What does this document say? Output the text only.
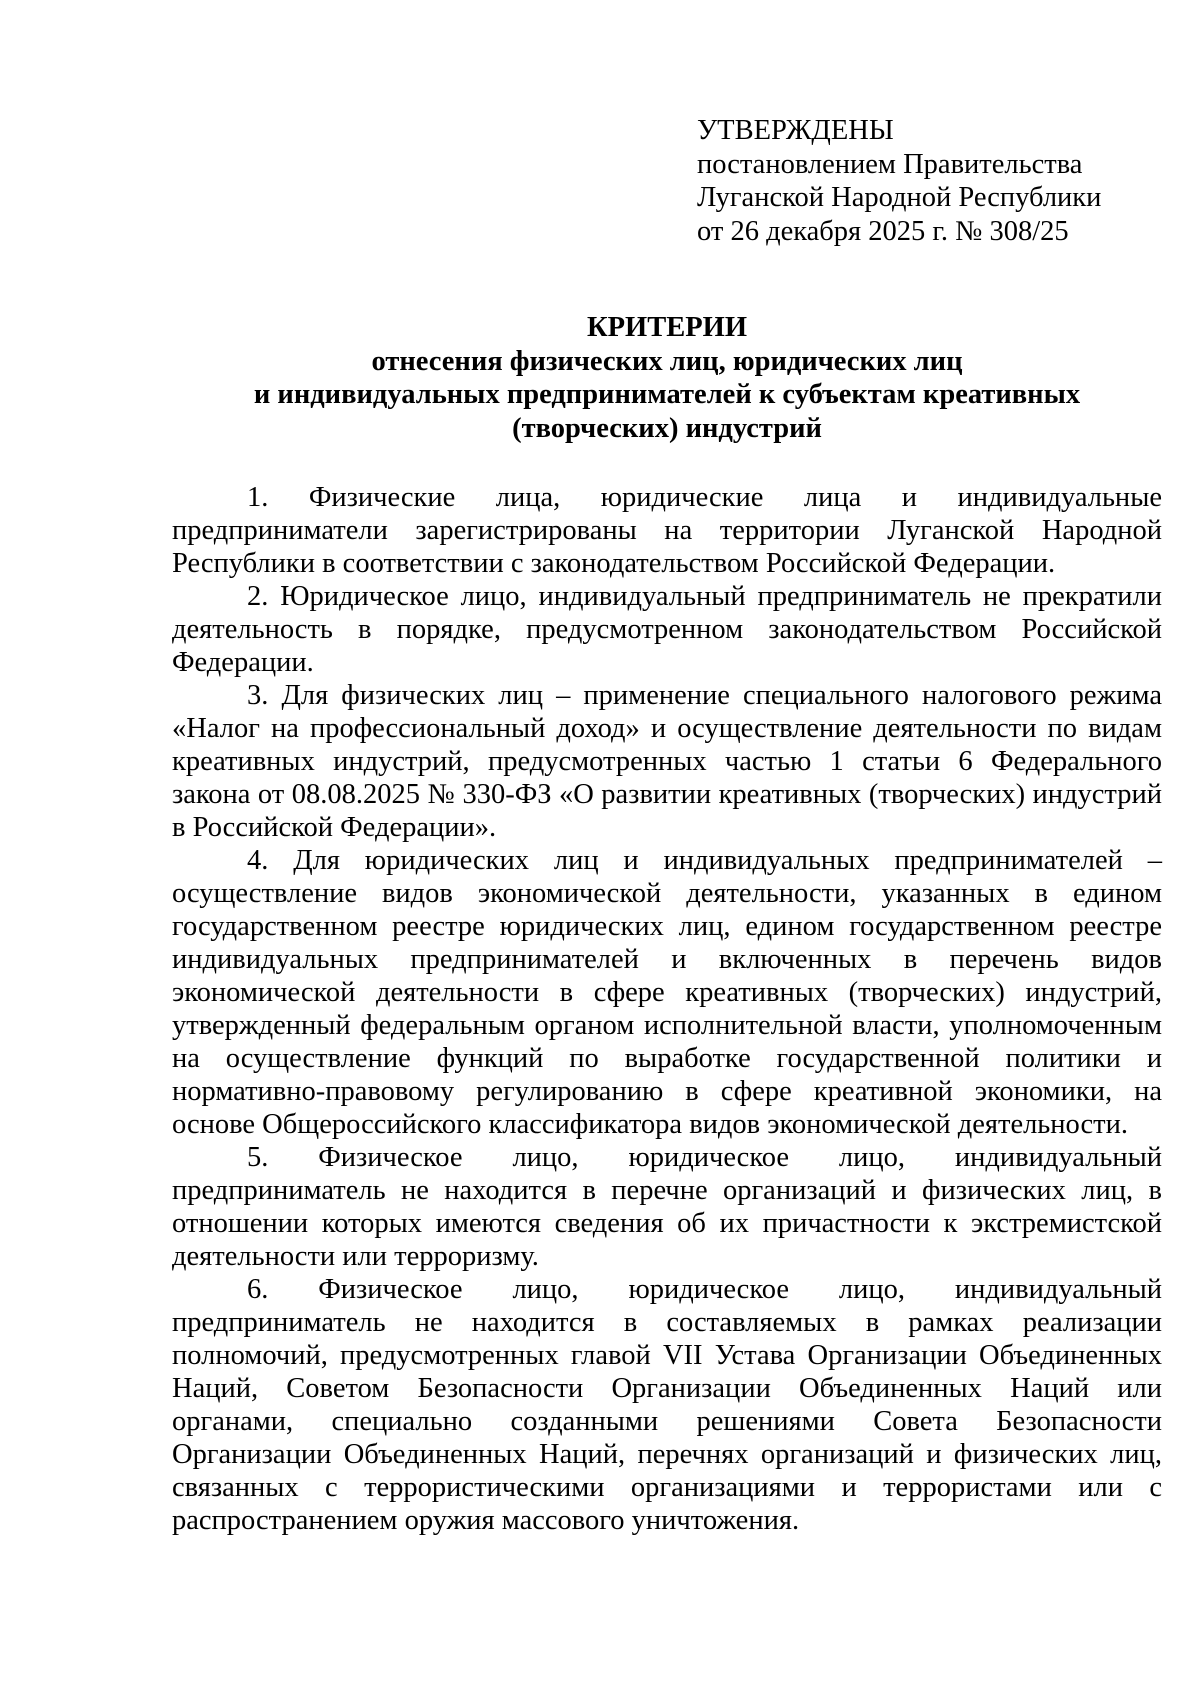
УТВЕРЖДЕНЫ
постановлением Правительства
Луганской Народной Республики
от 26 декабря 2025 г. № 308/25
КРИТЕРИИ
отнесения физических лиц, юридических лиц
и индивидуальных предпринимателей к субъектам креативных
(творческих) индустрий

1. Физические лица, юридические лица и индивидуальные предприниматели зарегистрированы на территории Луганской Народной Республики в соответствии с законодательством Российской Федерации.

2. Юридическое лицо, индивидуальный предприниматель не прекратили деятельность в порядке, предусмотренном законодательством Российской Федерации.

3. Для физических лиц – применение специального налогового режима «Налог на профессиональный доход» и осуществление деятельности по видам креативных индустрий, предусмотренных частью 1 статьи 6 Федерального закона от 08.08.2025 № 330-ФЗ «О развитии креативных (творческих) индустрий в Российской Федерации».

4. Для юридических лиц и индивидуальных предпринимателей – осуществление видов экономической деятельности, указанных в едином государственном реестре юридических лиц, едином государственном реестре индивидуальных предпринимателей и включенных в перечень видов экономической деятельности в сфере креативных (творческих) индустрий, утвержденный федеральным органом исполнительной власти, уполномоченным на осуществление функций по выработке государственной политики и нормативно-правовому регулированию в сфере креативной экономики, на основе Общероссийского классификатора видов экономической деятельности.

5. Физическое лицо, юридическое лицо, индивидуальный предприниматель не находится в перечне организаций и физических лиц, в отношении которых имеются сведения об их причастности к экстремистской деятельности или терроризму.

6. Физическое лицо, юридическое лицо, индивидуальный предприниматель не находится в составляемых в рамках реализации полномочий, предусмотренных главой VII Устава Организации Объединенных Наций, Советом Безопасности Организации Объединенных Наций или органами, специально созданными решениями Совета Безопасности Организации Объединенных Наций, перечнях организаций и физических лиц, связанных с террористическими организациями и террористами или с распространением оружия массового уничтожения.
